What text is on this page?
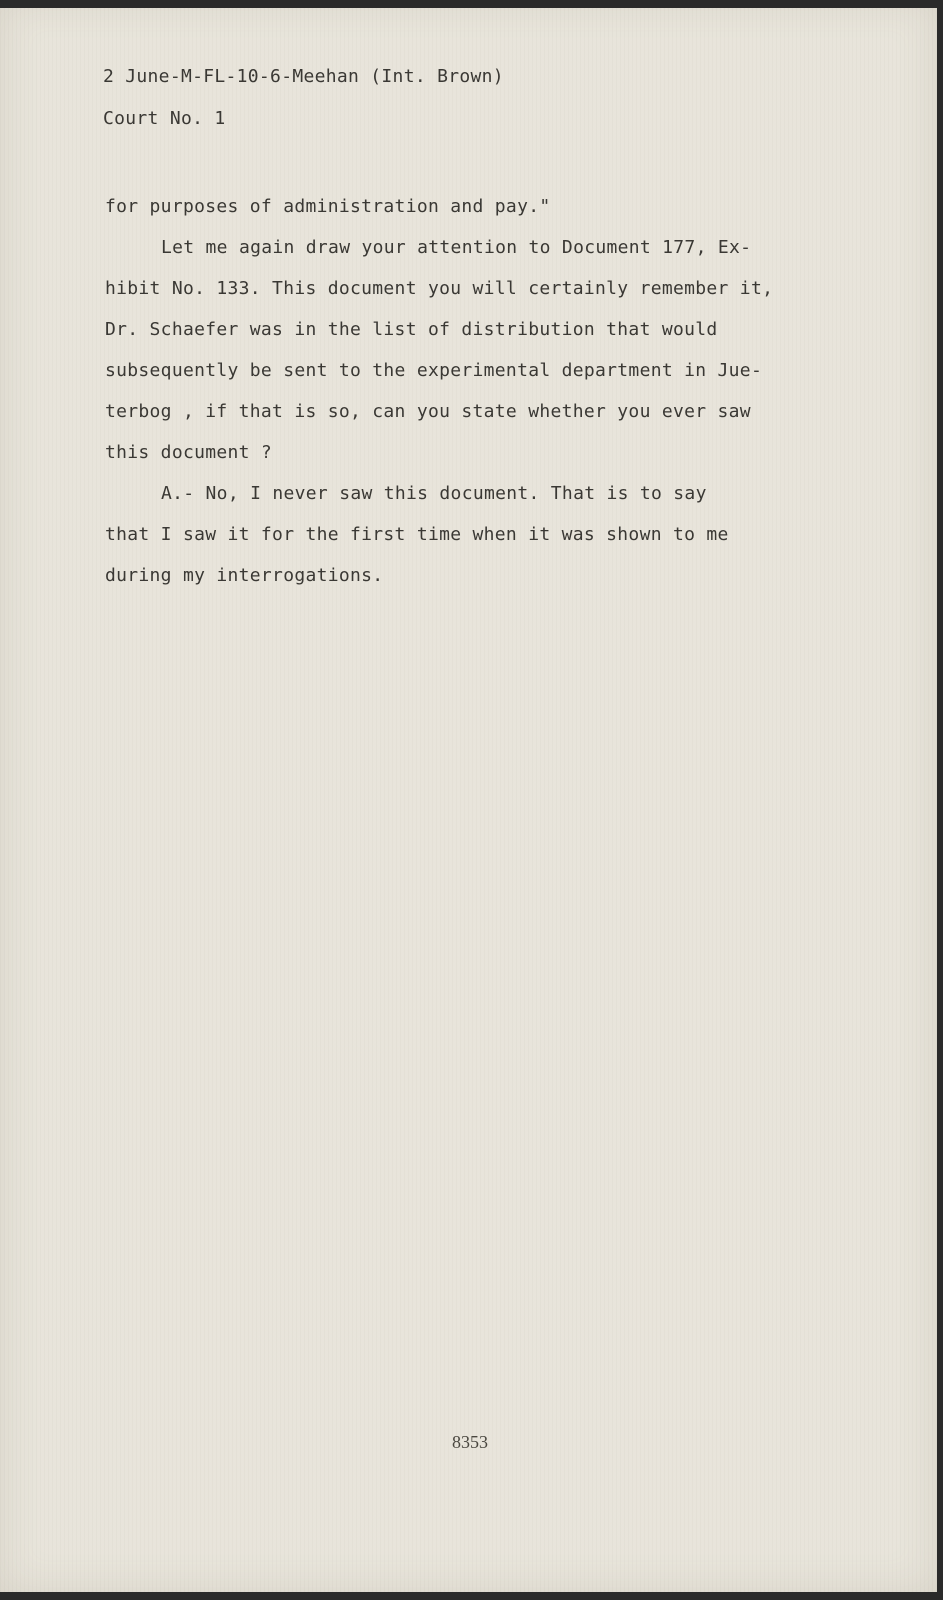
2 June-M-FL-10-6-Meehan (Int. Brown)
Court No. 1
for purposes of administration and pay."
Let me again draw your attention to Document 177, Ex-
hibit No. 133. This document you will certainly remember it,
Dr. Schaefer was in the list of distribution that would
subsequently be sent to the experimental department in Jue-
terbog , if that is so, can you state whether you ever saw
this document ?
A.- No, I never saw this document. That is to say
that I saw it for the first time when it was shown to me
during my interrogations.
8353
